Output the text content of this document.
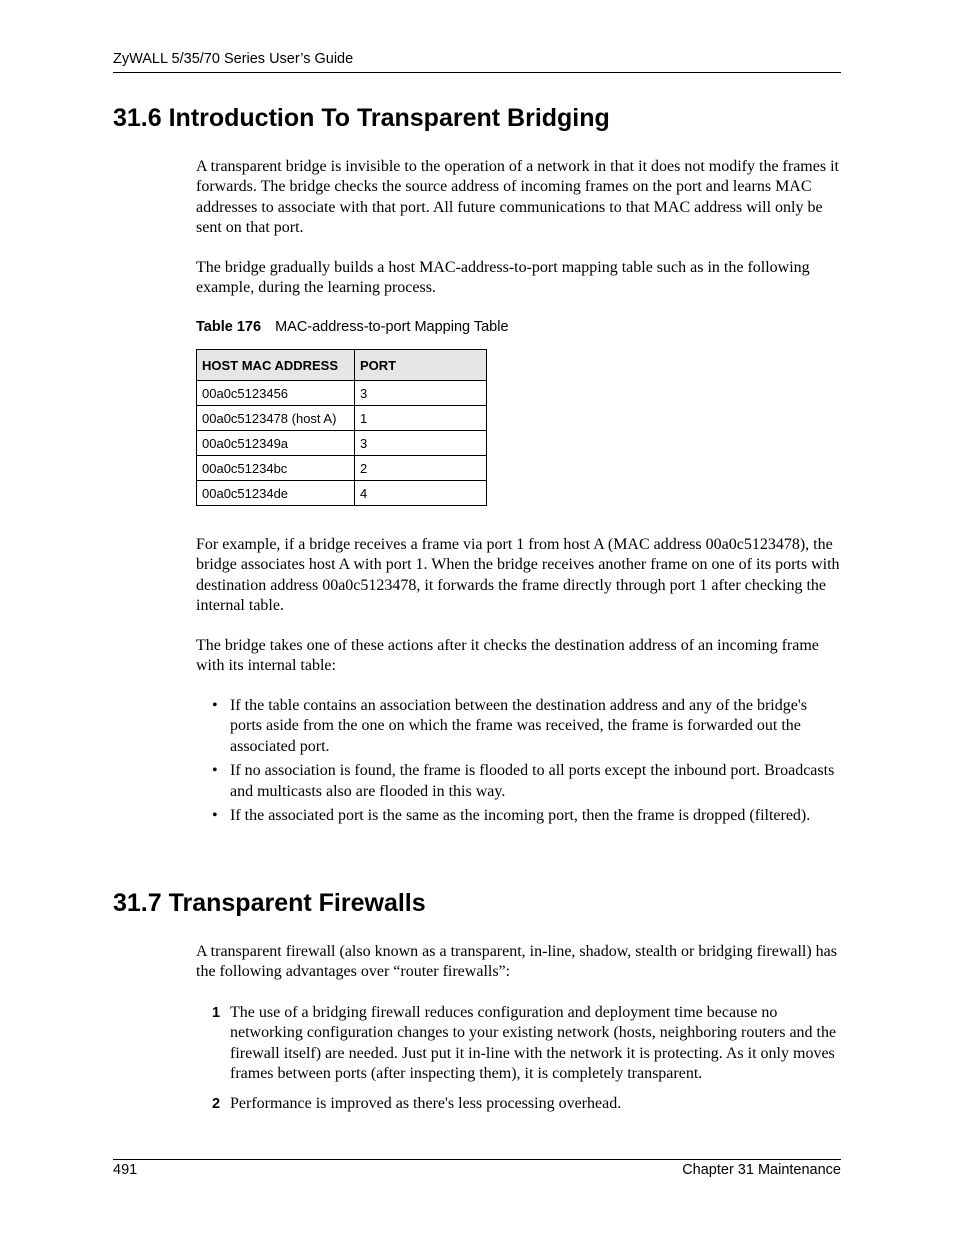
ZyWALL 5/35/70 Series User’s Guide
31.6 Introduction To Transparent Bridging

A transparent bridge is invisible to the operation of a network in that it does not modify the frames it forwards. The bridge checks the source address of incoming frames on the port and learns MAC addresses to associate with that port. All future communications to that MAC address will only be sent on that port.

The bridge gradually builds a host MAC-address-to-port mapping table such as in the following example, during the learning process.

Table 176 MAC-address-to-port Mapping Table
HOST MAC ADDRESS	PORT
00a0c5123456	3
00a0c5123478 (host A)	1
00a0c512349a	3
00a0c51234bc	2
00a0c51234de	4

For example, if a bridge receives a frame via port 1 from host A (MAC address 00a0c5123478), the bridge associates host A with port 1. When the bridge receives another frame on one of its ports with destination address 00a0c5123478, it forwards the frame directly through port 1 after checking the internal table.

The bridge takes one of these actions after it checks the destination address of an incoming frame with its internal table:

• If the table contains an association between the destination address and any of the bridge's ports aside from the one on which the frame was received, the frame is forwarded out the associated port.
• If no association is found, the frame is flooded to all ports except the inbound port. Broadcasts and multicasts also are flooded in this way.
• If the associated port is the same as the incoming port, then the frame is dropped (filtered).
31.7 Transparent Firewalls

A transparent firewall (also known as a transparent, in-line, shadow, stealth or bridging firewall) has the following advantages over “router firewalls”:

1 The use of a bridging firewall reduces configuration and deployment time because no networking configuration changes to your existing network (hosts, neighboring routers and the firewall itself) are needed. Just put it in-line with the network it is protecting. As it only moves frames between ports (after inspecting them), it is completely transparent.
2 Performance is improved as there's less processing overhead.
491	Chapter 31 Maintenance
